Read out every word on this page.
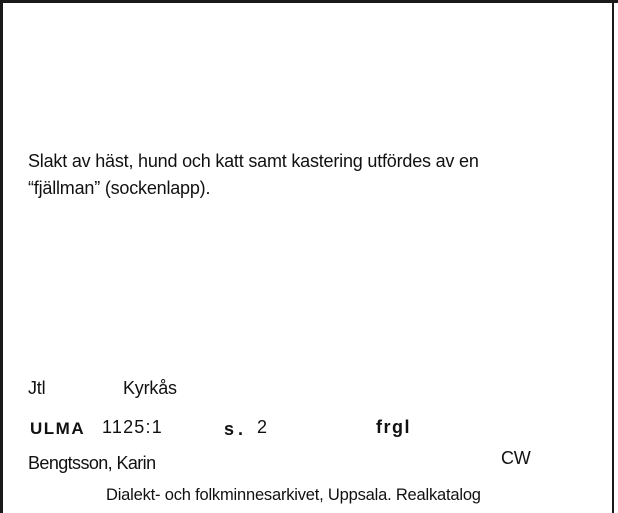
Slakt av häst, hund och katt samt kastering utfördes av en
“fjällman” (sockenlapp).
Jtl	Kyrkås
ULMA 1125:1	s. 2	frgl
Bengtsson, Karin	CW
Dialekt- och folkminnesarkivet, Uppsala. Realkatalog
